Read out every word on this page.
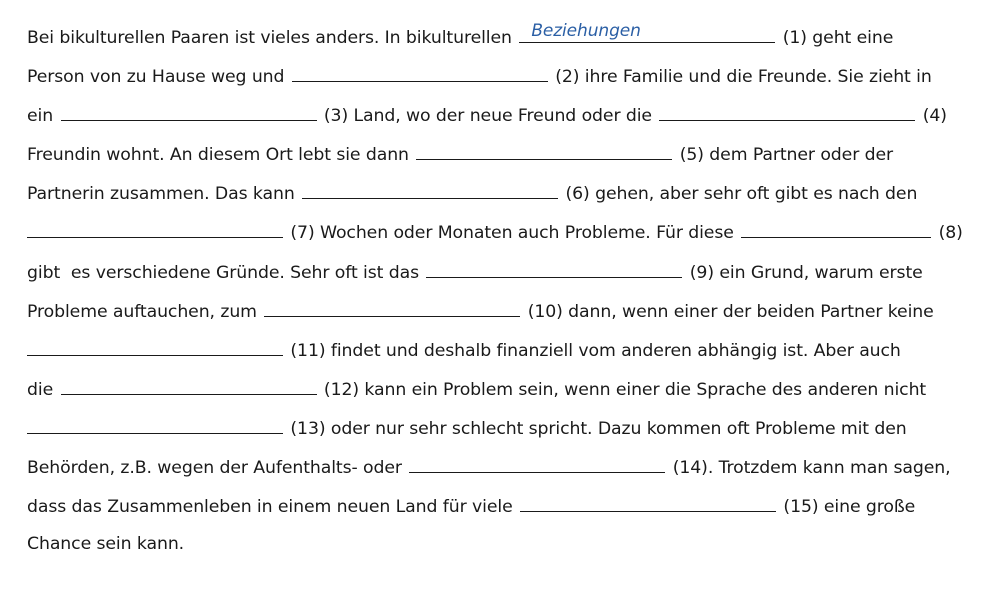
Bei bikulturellen Paaren ist vieles anders. In bikulturellen Beziehungen	(1) geht eine
Person von zu Hause weg und	(2) ihre Familie und die Freunde. Sie zieht in
ein	(3) Land, wo der neue Freund oder die	(4)
Freundin wohnt. An diesem Ort lebt sie dann	(5) dem Partner oder der
Partnerin zusammen. Das kann	(6) gehen, aber sehr oft gibt es nach den
(7) Wochen oder Monaten auch Probleme. Für diese	(8)
gibt  es verschiedene Gründe. Sehr oft ist das	(9) ein Grund, warum erste
Probleme auftauchen, zum	(10) dann, wenn einer der beiden Partner keine
(11) findet und deshalb finanziell vom anderen abhängig ist. Aber auch
die	(12) kann ein Problem sein, wenn einer die Sprache des anderen nicht
(13) oder nur sehr schlecht spricht. Dazu kommen oft Probleme mit den
Behörden, z.B. wegen der Aufenthalts- oder	(14). Trotzdem kann man sagen,
dass das Zusammenleben in einem neuen Land für viele	(15) eine große
Chance sein kann.
